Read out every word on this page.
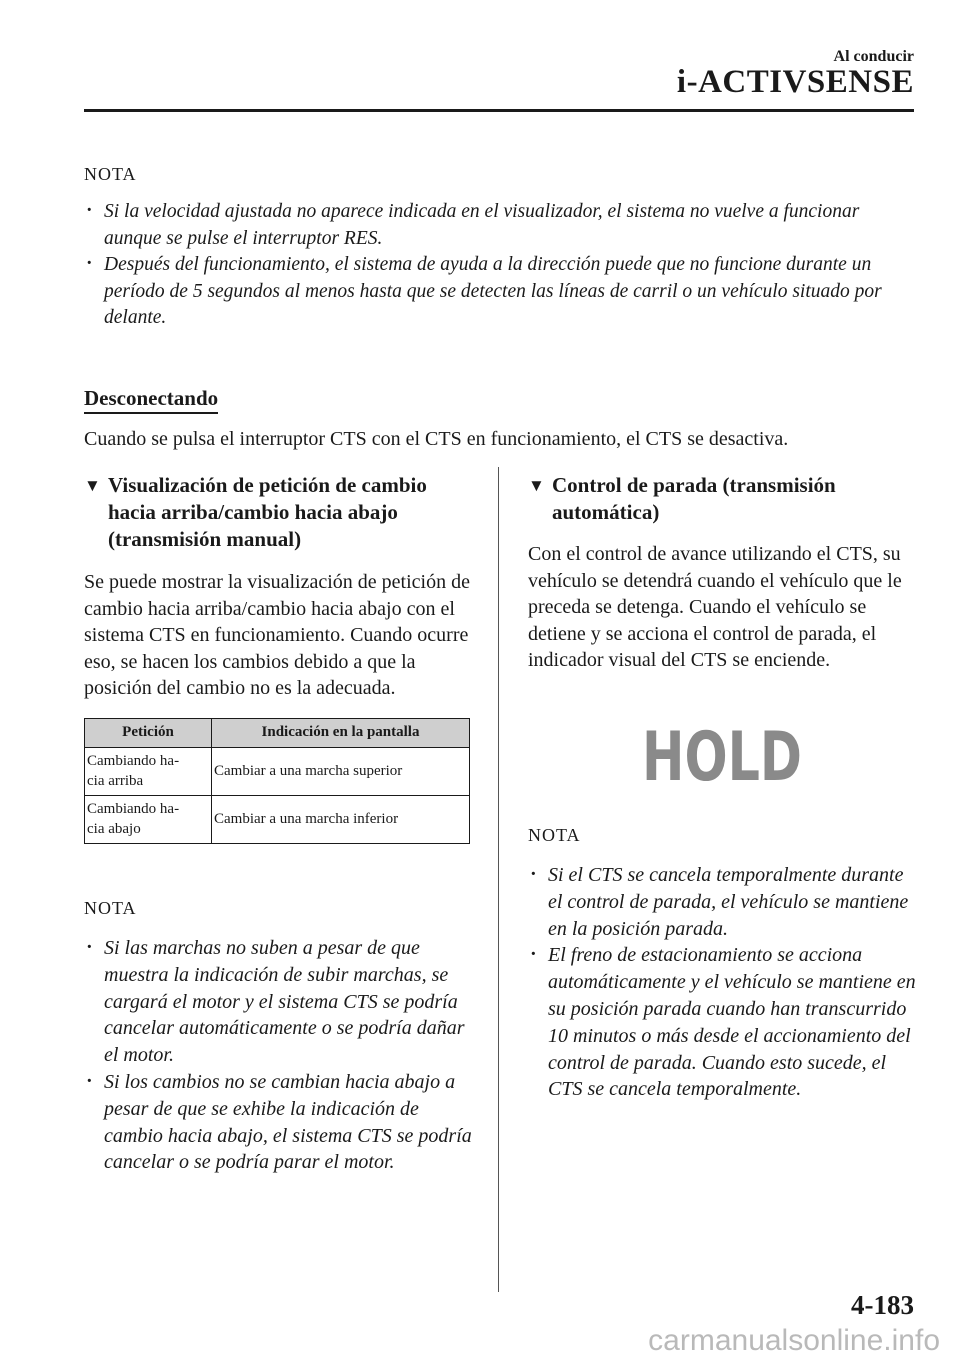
Al conducir
i-ACTIVSENSE
NOTA
· Si la velocidad ajustada no aparece indicada en el visualizador, el sistema no vuelve a funcionar aunque se pulse el interruptor RES.
· Después del funcionamiento, el sistema de ayuda a la dirección puede que no funcione durante un período de 5 segundos al menos hasta que se detecten las líneas de carril o un vehículo situado por delante.
Desconectando
Cuando se pulsa el interruptor CTS con el CTS en funcionamiento, el CTS se desactiva.
▼ Visualización de petición de cambio
hacia arriba/cambio hacia abajo
(transmisión manual)
Se puede mostrar la visualización de petición de cambio hacia arriba/cambio hacia abajo con el sistema CTS en funcionamiento. Cuando ocurre eso, se hacen los cambios debido a que la posición del cambio no es la adecuada.
Petición	Indicación en la pantalla

Cambiando ha-
cia arriba	Cambiar a una marcha superior

Cambiando ha-
cia abajo	Cambiar a una marcha inferior
NOTA
· Si las marchas no suben a pesar de que muestra la indicación de subir marchas, se cargará el motor y el sistema CTS se podría cancelar automáticamente o se podría dañar el motor.
· Si los cambios no se cambian hacia abajo a pesar de que se exhibe la indicación de cambio hacia abajo, el sistema CTS se podría cancelar o se podría parar el motor.
▼ Control de parada (transmisión
automática)
Con el control de avance utilizando el CTS, su vehículo se detendrá cuando el vehículo que le preceda se detenga. Cuando el vehículo se detiene y se acciona el control de parada, el indicador visual del CTS se enciende.
HOLD
NOTA
· Si el CTS se cancela temporalmente durante el control de parada, el vehículo se mantiene en la posición parada.
· El freno de estacionamiento se acciona automáticamente y el vehículo se mantiene en su posición parada cuando han transcurrido 10 minutos o más desde el accionamiento del control de parada. Cuando esto sucede, el CTS se cancela temporalmente.
4-183
carmanualsonline.info
